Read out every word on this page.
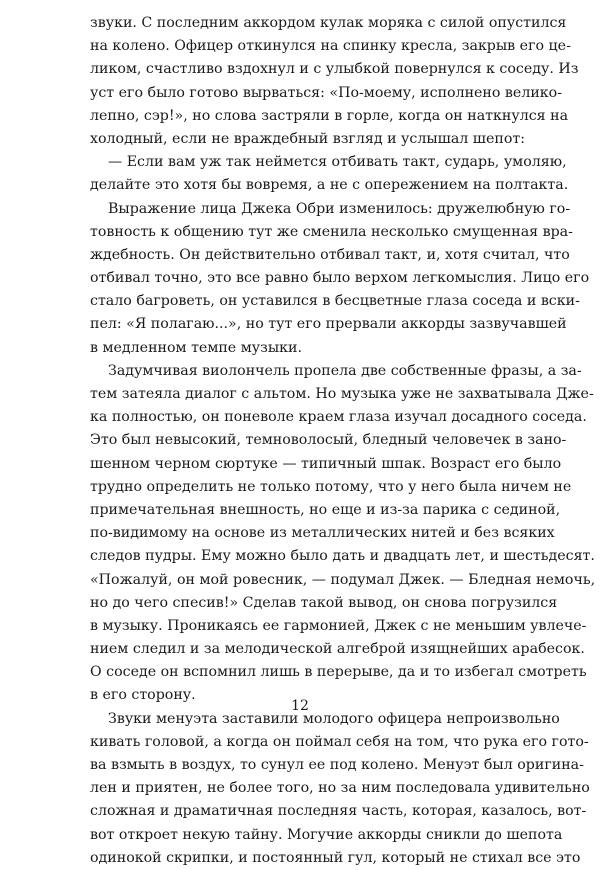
звуки. С последним аккордом кулак моряка с силой опустился
на колено. Офицер откинулся на спинку кресла, закрыв его це-
ликом, счастливо вздохнул и с улыбкой повернулся к соседу. Из
уст его было готово вырваться: «По-моему, исполнено велико-
лепно, сэр!», но слова застряли в горле, когда он наткнулся на
холодный, если не враждебный взгляд и услышал шепот:
— Если вам уж так неймется отбивать такт, сударь, умоляю,
делайте это хотя бы вовремя, а не с опережением на полтакта.
Выражение лица Джека Обри изменилось: дружелюбную го-
товность к общению тут же сменила несколько смущенная вра-
ждебность. Он действительно отбивал такт, и, хотя считал, что
отбивал точно, это все равно было верхом легкомыслия. Лицо его
стало багроветь, он уставился в бесцветные глаза соседа и вски-
пел: «Я полагаю...», но тут его прервали аккорды зазвучавшей
в медленном темпе музыки.
Задумчивая виолончель пропела две собственные фразы, а за-
тем затеяла диалог с альтом. Но музыка уже не захватывала Дже-
ка полностью, он поневоле краем глаза изучал досадного соседа.
Это был невысокий, темноволосый, бледный человечек в зано-
шенном черном сюртуке — типичный шпак. Возраст его было
трудно определить не только потому, что у него была ничем не
примечательная внешность, но еще и из-за парика с сединой,
по-видимому на основе из металлических нитей и без всяких
следов пудры. Ему можно было дать и двадцать лет, и шестьдесят.
«Пожалуй, он мой ровесник, — подумал Джек. — Бледная немочь,
но до чего спесив!» Сделав такой вывод, он снова погрузился
в музыку. Проникаясь ее гармонией, Джек с не меньшим увлече-
нием следил и за мелодической алгеброй изящнейших арабесок.
О соседе он вспомнил лишь в перерыве, да и то избегал смотреть
в его сторону.
Звуки менуэта заставили молодого офицера непроизвольно
кивать головой, а когда он поймал себя на том, что рука его гото-
ва взмыть в воздух, то сунул ее под колено. Менуэт был оригина-
лен и приятен, не более того, но за ним последовала удивительно
сложная и драматичная последняя часть, которая, казалось, вот-
вот откроет некую тайну. Могучие аккорды сникли до шепота
одинокой скрипки, и постоянный гул, который не стихал все это
12
